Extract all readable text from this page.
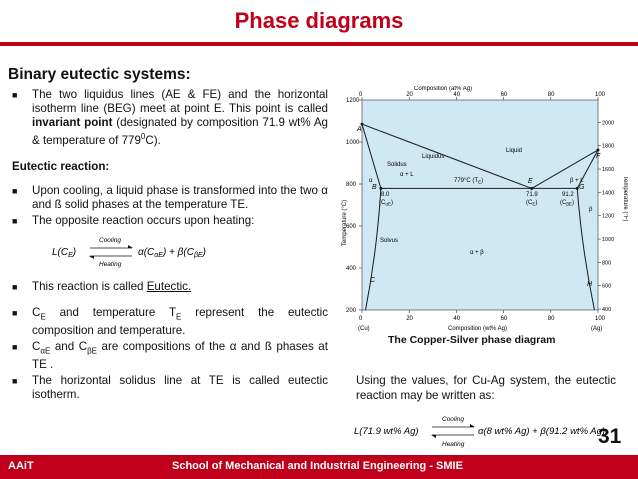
Phase diagrams
Binary eutectic systems:
■	The two liquidus lines (AE & FE) and the horizontal isotherm line (BEG) meet at point E. This point is called invariant point (designated by composition 71.9 wt% Ag & temperature of $779^0C$).
Eutectic reaction:
■	Upon cooling, a liquid phase is transformed into the two α and ß solid phases at the temperature TE.
■	The opposite reaction occurs upon heating:
$L(C_E)$
Cooling
Heating
$\alpha(C_{\alpha E}) + \beta(C_{\beta E})$
■	This reaction is called Eutectic.
■	$C_E$ and temperature $T_E$ represent the eutectic composition and temperature.
■	$C_{\alpha E}$ and $C_{\beta E}$ are compositions of the α and ß phases at TE .
■	The horizontal solidus line at TE is called eutectic isotherm.
Composition (at% Ag)
0	20	40	60	80	100
0	20	40	60	80	100
200
400
600
800
1000
1200
400
600
800
1000
1200
1400
1600
1800
2000
Temperature (°C)
Temperature (°F)
Composition (wt% Ag)
(Cu)	(Ag)
Liquidus
Liquid
Solidus
α + L
β + L
α
β
α + β
Solvus
A
B
C
E
F
G
H
779°C $(T_E)$
8.0
$(C_{\alpha E})$
71.9
$(C_E)$
91.2
$(C_{\beta E})$
The Copper-Silver phase diagram
Using the values, for Cu-Ag system, the eutectic reaction may be written as:
L(71.9 wt% Ag)
Cooling
Heating
α(8 wt% Ag) + β(91.2 wt% Ag)
31
AAiT	School of Mechanical and Industrial Engineering - SMIE
